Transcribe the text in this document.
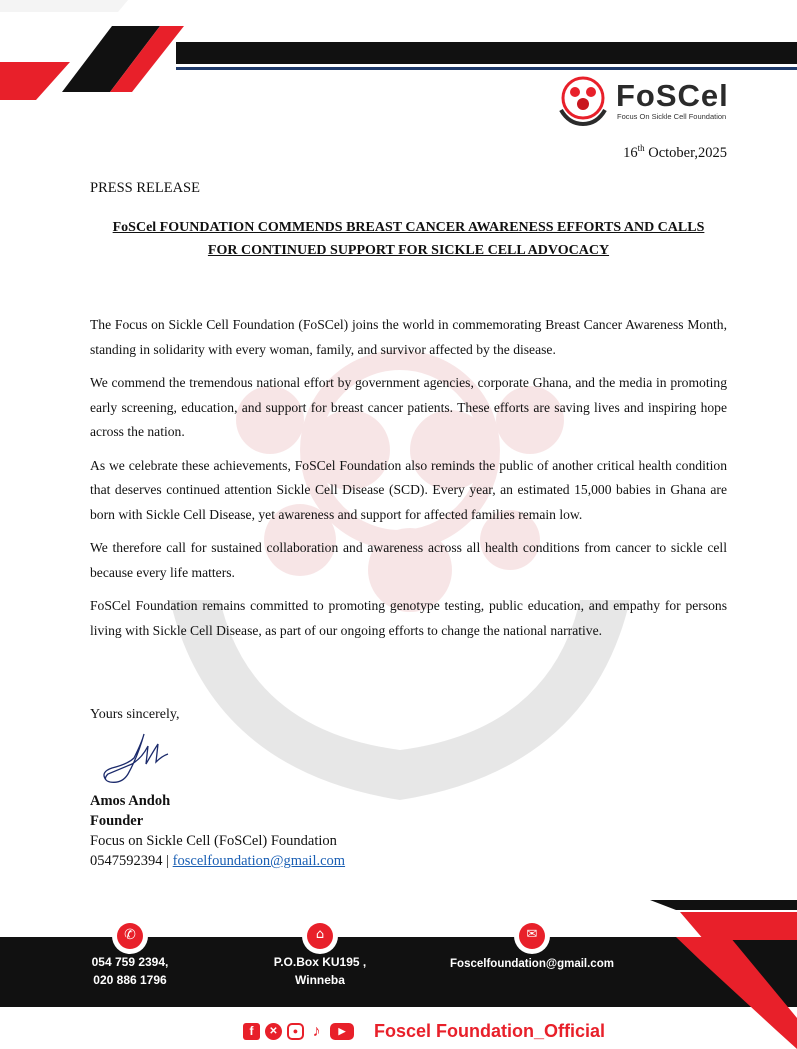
FoSCel
Focus On Sickle Cell Foundation
16th October,2025
PRESS RELEASE
FoSCel FOUNDATION COMMENDS BREAST CANCER AWARENESS EFFORTS AND CALLS
FOR CONTINUED SUPPORT FOR SICKLE CELL ADVOCACY

The Focus on Sickle Cell Foundation (FoSCel) joins the world in commemorating Breast Cancer Awareness Month, standing in solidarity with every woman, family, and survivor affected by the disease.

We commend the tremendous national effort by government agencies, corporate Ghana, and the media in promoting early screening, education, and support for breast cancer patients. These efforts are saving lives and inspiring hope across the nation.

As we celebrate these achievements, FoSCel Foundation also reminds the public of another critical health condition that deserves continued attention Sickle Cell Disease (SCD). Every year, an estimated 15,000 babies in Ghana are born with Sickle Cell Disease, yet awareness and support for affected families remain low.

We therefore call for sustained collaboration and awareness across all health conditions from cancer to sickle cell because every life matters.

FoSCel Foundation remains committed to promoting genotype testing, public education, and empathy for persons living with Sickle Cell Disease, as part of our ongoing efforts to change the national narrative.

Yours sincerely,
Amos Andoh
Founder
Focus on Sickle Cell (FoSCel) Foundation
0547592394 | foscelfoundation@gmail.com
✆	⌂	✉
054 759 2394,
020 886 1796
P.O.Box KU195 ,
Winneba
Foscelfoundation@gmail.com
f	✕	● ♪	▶	Foscel Foundation_Official
